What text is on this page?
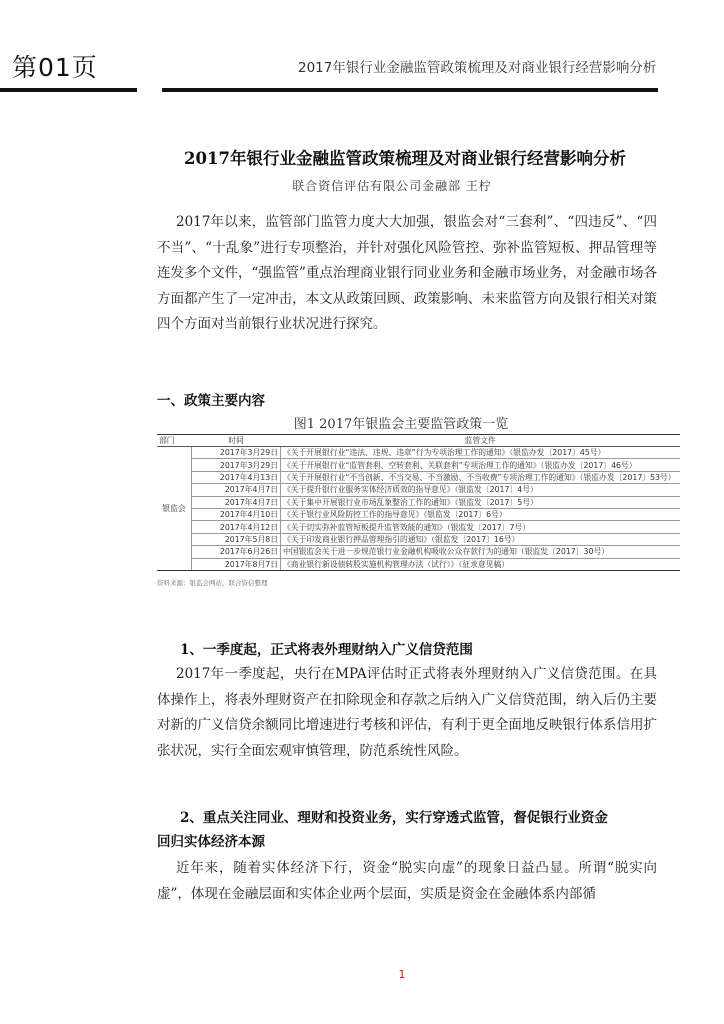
第01页	2017年银行业金融监管政策梳理及对商业银行经营影响分析
2017年银行业金融监管政策梳理及对商业银行经营影响分析
联合资信评估有限公司金融部 王柠
2017年以来，监管部门监管力度大大加强，银监会对“三套利”、“四违反”、“四不当”、“十乱象”进行专项整治，并针对强化风险管控、弥补监管短板、押品管理等连发多个文件，“强监管”重点治理商业银行同业业务和金融市场业务，对金融市场各方面都产生了一定冲击，本文从政策回顾、政策影响、未来监管方向及银行相关对策四个方面对当前银行业状况进行探究。
一、政策主要内容
图1 2017年银监会主要监管政策一览
部门	时间	监管文件
银监会	2017年3月29日	《关于开展银行业“违法、违规、违章”行为专项治理工作的通知》（银监办发〔2017〕45号）
	2017年3月29日	《关于开展银行业“监管套利、空转套利、关联套利”专项治理工作的通知》（银监办发〔2017〕46号）
	2017年4月13日	《关于开展银行业“不当创新、不当交易、不当激励、不当收费”专项治理工作的通知》（银监办发〔2017〕53号）
	2017年4月7日	《关于提升银行业服务实体经济质效的指导意见》（银监发〔2017〕4号）
	2017年4月7日	《关于集中开展银行业市场乱象整治工作的通知》（银监发〔2017〕5号）
	2017年4月10日	《关于银行业风险防控工作的指导意见》（银监发〔2017〕6号）
	2017年4月12日	《关于切实弥补监管短板提升监管效能的通知》（银监发〔2017〕7号）
	2017年5月8日	《关于印发商业银行押品管理指引的通知》（银监发〔2017〕16号）
	2017年6月26日	中国银监会关于进一步规范银行业金融机构吸收公众存款行为的通知（银监发〔2017〕30号）
	2017年8月7日	《商业银行新设债转股实施机构管理办法（试行）》（征求意见稿）
资料来源：银监会网站，联合资信整理
1、一季度起，正式将表外理财纳入广义信贷范围
2017年一季度起，央行在MPA评估时正式将表外理财纳入广义信贷范围。在具体操作上，将表外理财资产在扣除现金和存款之后纳入广义信贷范围，纳入后仍主要对新的广义信贷余额同比增速进行考核和评估，有利于更全面地反映银行体系信用扩张状况，实行全面宏观审慎管理，防范系统性风险。
2、重点关注同业、理财和投资业务，实行穿透式监管，督促银行业资金
回归实体经济本源
近年来，随着实体经济下行，资金“脱实向虚”的现象日益凸显。所谓“脱实向虚”，体现在金融层面和实体企业两个层面，实质是资金在金融体系内部循
1
